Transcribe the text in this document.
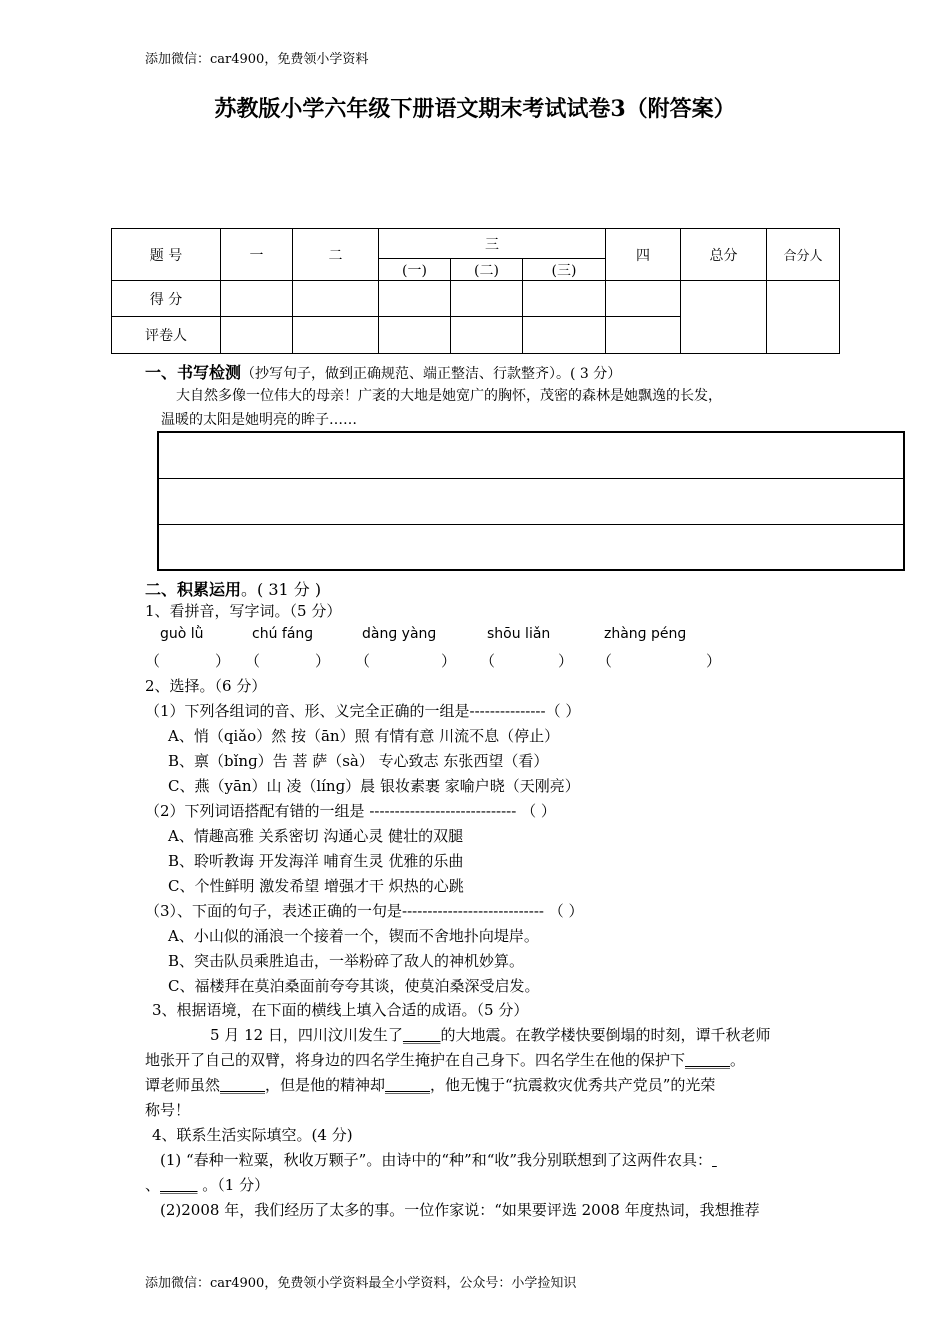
添加微信：car4900，免费领小学资料
苏教版小学六年级下册语文期末考试试卷3（附答案）
题 号	一	二	三			四	总分	合分人
			(一)	(二)	(三)			
得 分								
评卷人								
一、书写检测（抄写句子，做到正确规范、端正整洁、行款整齐）。( 3 分）
大自然多像一位伟大的母亲！广袤的大地是她宽广的胸怀，茂密的森林是她飘逸的长发，
温暖的太阳是她明亮的眸子……
二、积累运用。( 31 分 )
1、看拼音，写字词。（5 分）
guò lǜ	chú fánɡ	dànɡ yànɡ	shōu liǎn	zhànɡ pénɡ
（	） （	） （	） （	） （	）
2、选择。（6 分）
（1）下列各组词的音、形、义完全正确的一组是---------------（ ）
A、悄（qiǎo）然 按（ān）照 有情有意 川流不息（停止）
B、禀（bǐnɡ）告 菩 萨（sà） 专心致志 东张西望（看）
C、燕（yān）山 凌（línɡ）晨 银妆素裹 家喻户晓（天刚亮）
（2）下列词语搭配有错的一组是 ----------------------------- （ ）
A、情趣高雅 关系密切 沟通心灵 健壮的双腿
B、聆听教诲 开发海洋 哺育生灵 优雅的乐曲
C、个性鲜明 激发希望 增强才干 炽热的心跳
（3）、下面的句子，表述正确的一句是---------------------------- （ ）
A、小山似的涌浪一个接着一个，锲而不舍地扑向堤岸。
B、突击队员乘胜追击，一举粉碎了敌人的神机妙算。
C、福楼拜在莫泊桑面前夸夸其谈，使莫泊桑深受启发。
3、根据语境，在下面的横线上填入合适的成语。（5 分）
5 月 12 日，四川汶川发生了_____的大地震。在教学楼快要倒塌的时刻，谭千秋老师
地张开了自己的双臂，将身边的四名学生掩护在自己身下。四名学生在他的保护下______。
谭老师虽然______，但是他的精神却______，他无愧于“抗震救灾优秀共产党员”的光荣
称号！
4、联系生活实际填空。(4 分)
(1) “春种一粒粟，秋收万颗子”。由诗中的“种”和“收”我分别联想到了这两件农具：
、_____ 。（1 分）
(2)2008 年，我们经历了太多的事。一位作家说：“如果要评选 2008 年度热词，我想推荐
添加微信：car4900，免费领小学资料最全小学资料，公众号：小学捡知识
